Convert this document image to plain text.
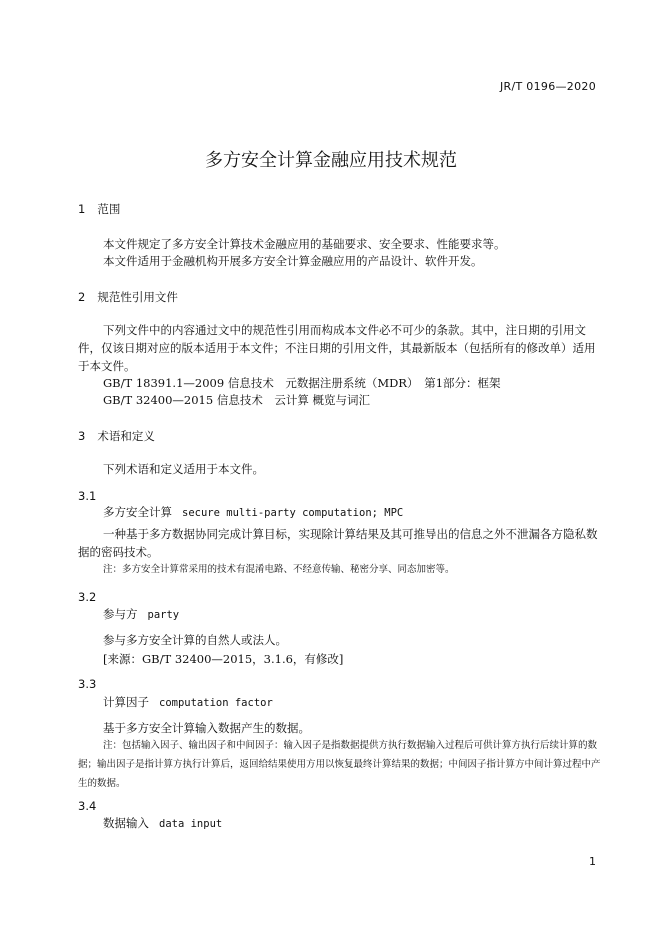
JR/T 0196—2020
多方安全计算金融应用技术规范
1 范围
本文件规定了多方安全计算技术金融应用的基础要求、安全要求、性能要求等。
本文件适用于金融机构开展多方安全计算金融应用的产品设计、软件开发。
2 规范性引用文件
下列文件中的内容通过文中的规范性引用而构成本文件必不可少的条款。其中，注日期的引用文件，仅该日期对应的版本适用于本文件；不注日期的引用文件，其最新版本（包括所有的修改单）适用于本文件。
GB/T 18391.1—2009 信息技术　元数据注册系统（MDR）　第1部分：框架
GB/T 32400—2015 信息技术　云计算 概览与词汇
3 术语和定义
下列术语和定义适用于本文件。
3.1
多方安全计算 secure multi-party computation; MPC
一种基于多方数据协同完成计算目标，实现除计算结果及其可推导出的信息之外不泄漏各方隐私数据的密码技术。
注：多方安全计算常采用的技术有混淆电路、不经意传输、秘密分享、同态加密等。
3.2
参与方 party
参与多方安全计算的自然人或法人。
[来源：GB/T 32400—2015，3.1.6，有修改]
3.3
计算因子 computation factor
基于多方安全计算输入数据产生的数据。
注：包括输入因子、输出因子和中间因子：输入因子是指数据提供方执行数据输入过程后可供计算方执行后续计算的数据；输出因子是指计算方执行计算后，返回给结果使用方用以恢复最终计算结果的数据；中间因子指计算方中间计算过程中产生的数据。
3.4
数据输入 data input
1
